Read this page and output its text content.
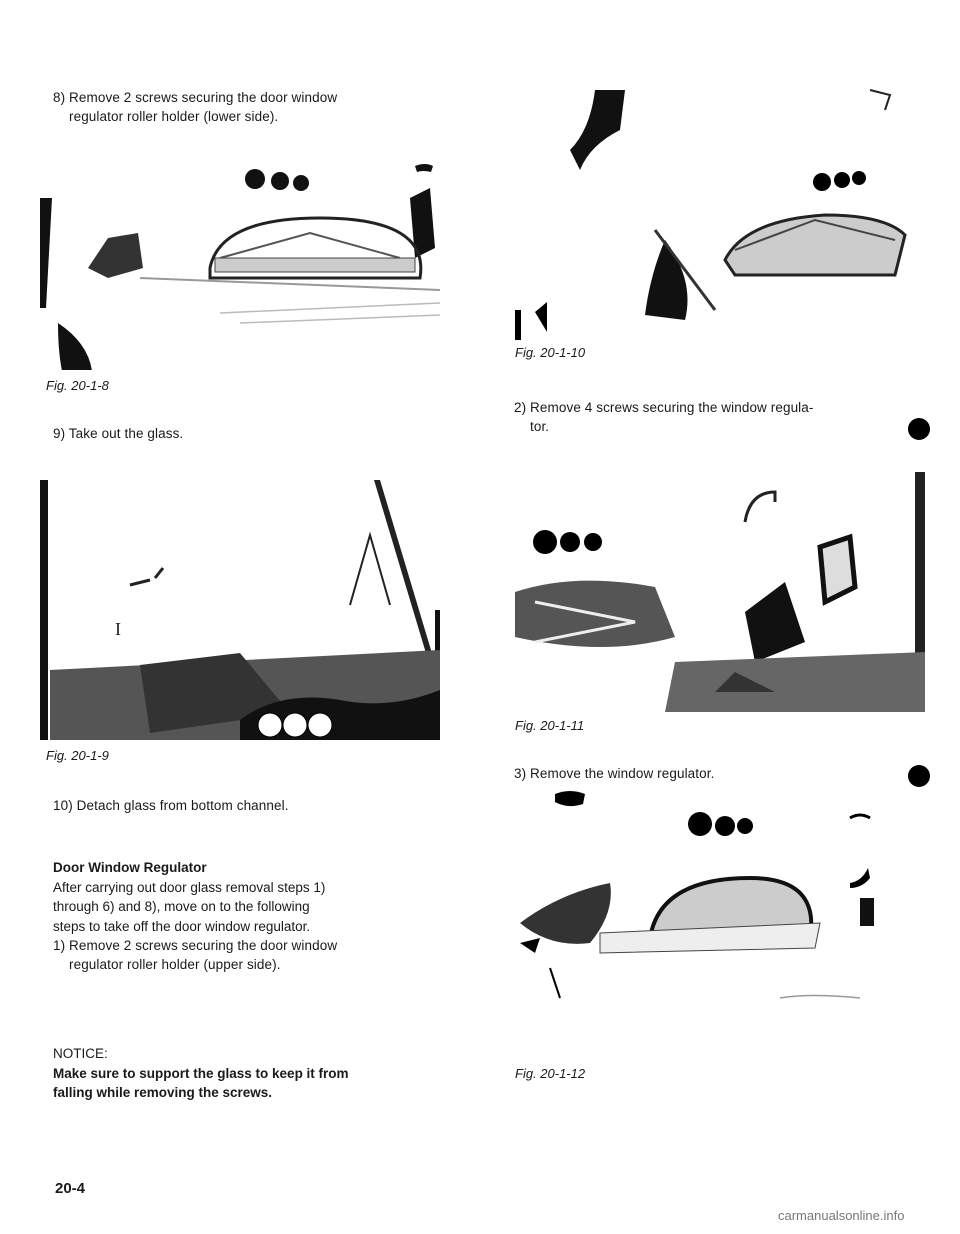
8) Remove 2 screws securing the door window
regulator roller holder (lower side).
Fig. 20-1-8
9) Take out the glass.
I
Fig. 20-1-9
10) Detach glass from bottom channel.
Door Window Regulator
After carrying out door glass removal steps 1)
through 6) and 8), move on to the following
steps to take off the door window regulator.
1) Remove 2 screws securing the door window
regulator roller holder (upper side).
NOTICE:
Make sure to support the glass to keep it from
falling while removing the screws.
20-4
Fig. 20-1-10
2) Remove 4 screws securing the window regula-
tor.
Fig. 20-1-11
3) Remove the window regulator.
Fig. 20-1-12
carmanualsonline.info
